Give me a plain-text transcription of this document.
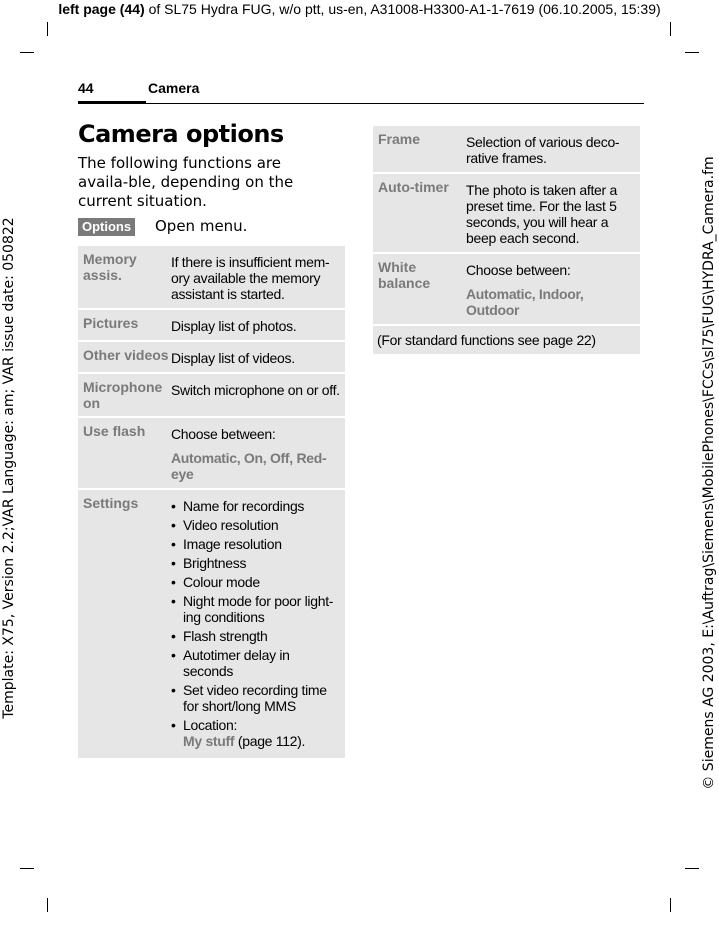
left page (44) of SL75 Hydra FUG, w/o ptt, us-en, A31008-H3300-A1-1-7619 (06.10.2005, 15:39)
Template: X75, Version 2.2;VAR Language: am; VAR issue date: 050822	© Siemens AG 2003, E:\Auftrag\Siemens\MobilePhones\FCCs\sl75\FUG\HYDRA_Camera.fm
44	Camera
Camera options
The following functions are availa-ble, depending on the current situation.
Options Open menu.
Memory assis.
If there is insufficient mem-ory available the memory assistant is started.
Pictures	Display list of photos.
Other videos Display list of videos.
Microphone on
Switch microphone on or off.
Use flash	Choose between:

Automatic, On, Off, Red-eye

Settings
•	Name for recordings
• Video resolution
• Image resolution
• Brightness
• Colour mode
• Night mode for poor light-ing conditions
• Flash strength
• Autotimer delay in seconds
• Set video recording time for short/long MMS
• Location:
My stuff (page 112).
Frame	Selection of various deco-rative frames.
Auto-timer	The photo is taken after a preset time. For the last 5 seconds, you will hear a beep each second.
White balance

Choose between:

Automatic, Indoor, Outdoor

(For standard functions see page 22)
